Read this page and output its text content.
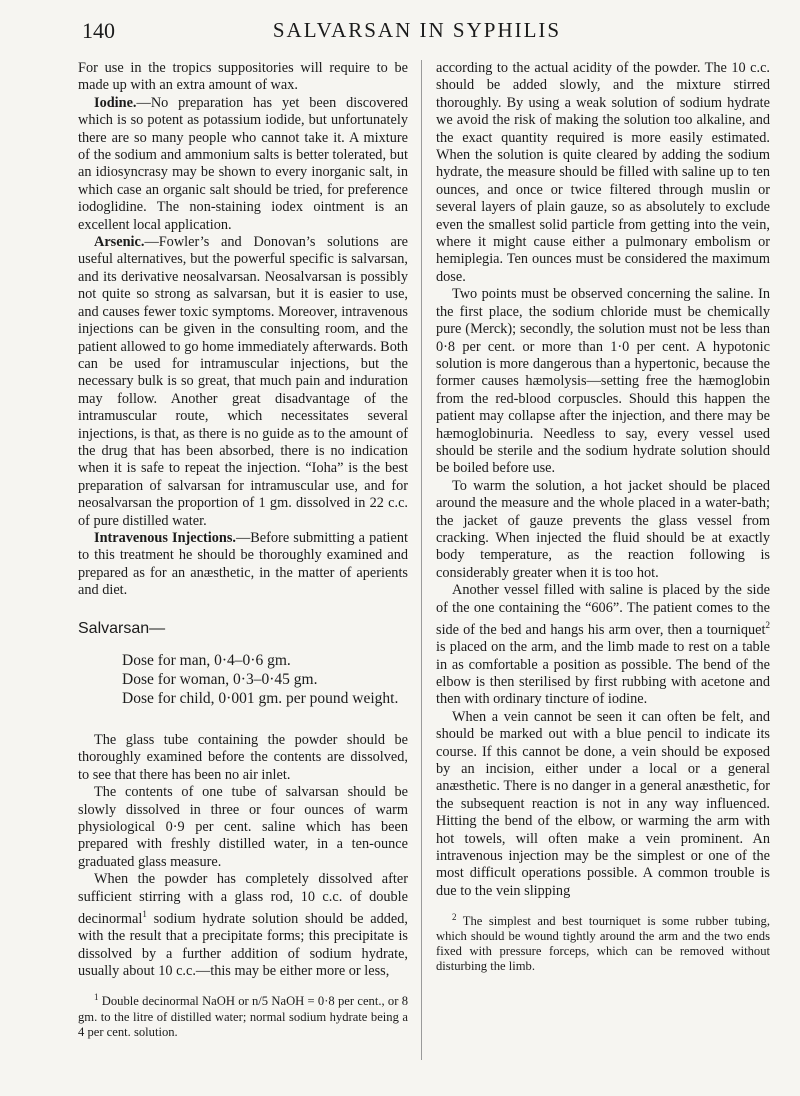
140	SALVARSAN IN SYPHILIS

For use in the tropics suppositories will require to be made up with an extra amount of wax.

Iodine.—No preparation has yet been discovered which is so potent as potassium iodide, but unfortunately there are so many people who cannot take it. A mixture of the sodium and ammonium salts is better tolerated, but an idiosyncrasy may be shown to every inorganic salt, in which case an organic salt should be tried, for preference iodoglidine. The non-staining iodex ointment is an excellent local application.

Arsenic.—Fowler’s and Donovan’s solutions are useful alternatives, but the powerful specific is salvarsan, and its derivative neosalvarsan. Neosalvarsan is possibly not quite so strong as salvarsan, but it is easier to use, and causes fewer toxic symptoms. Moreover, intravenous injections can be given in the consulting room, and the patient allowed to go home immediately afterwards. Both can be used for intramuscular injections, but the necessary bulk is so great, that much pain and induration may follow. Another great disadvantage of the intramuscular route, which necessitates several injections, is that, as there is no guide as to the amount of the drug that has been absorbed, there is no indication when it is safe to repeat the injection. “Ioha” is the best preparation of salvarsan for intramuscular use, and for neosalvarsan the proportion of 1 gm. dissolved in 22 c.c. of pure distilled water.

Intravenous Injections.—Before submitting a patient to this treatment he should be thoroughly examined and prepared as for an anæsthetic, in the matter of aperients and diet.

Salvarsan—
Dose for man, 0·4–0·6 gm.
Dose for woman, 0·3–0·45 gm.
Dose for child, 0·001 gm. per pound weight.

The glass tube containing the powder should be thoroughly examined before the contents are dissolved, to see that there has been no air inlet.

The contents of one tube of salvarsan should be slowly dissolved in three or four ounces of warm physiological 0·9 per cent. saline which has been prepared with freshly distilled water, in a ten-ounce graduated glass measure.

When the powder has completely dissolved after sufficient stirring with a glass rod, 10 c.c. of double decinormal$^1$ sodium hydrate solution should be added, with the result that a precipitate forms; this precipitate is dissolved by a further addition of sodium hydrate, usually about 10 c.c.—this may be either more or less,

$^1$ Double decinormal NaOH or n/5 NaOH = 0·8 per cent., or 8 gm. to the litre of distilled water; normal sodium hydrate being a 4 per cent. solution.

according to the actual acidity of the powder. The 10 c.c. should be added slowly, and the mixture stirred thoroughly. By using a weak solution of sodium hydrate we avoid the risk of making the solution too alkaline, and the exact quantity required is more easily estimated. When the solution is quite cleared by adding the sodium hydrate, the measure should be filled with saline up to ten ounces, and once or twice filtered through muslin or several layers of plain gauze, so as absolutely to exclude even the smallest solid particle from getting into the vein, where it might cause either a pulmonary embolism or hemiplegia. Ten ounces must be considered the maximum dose.

Two points must be observed concerning the saline. In the first place, the sodium chloride must be chemically pure (Merck); secondly, the solution must not be less than 0·8 per cent. or more than 1·0 per cent. A hypotonic solution is more dangerous than a hypertonic, because the former causes hæmolysis—setting free the hæmoglobin from the red-blood corpuscles. Should this happen the patient may collapse after the injection, and there may be hæmoglobinuria. Needless to say, every vessel used should be sterile and the sodium hydrate solution should be boiled before use.

To warm the solution, a hot jacket should be placed around the measure and the whole placed in a water-bath; the jacket of gauze prevents the glass vessel from cracking. When injected the fluid should be at exactly body temperature, as the reaction following is considerably greater when it is too hot.

Another vessel filled with saline is placed by the side of the one containing the “606”. The patient comes to the side of the bed and hangs his arm over, then a tourniquet$^2$ is placed on the arm, and the limb made to rest on a table in as comfortable a position as possible. The bend of the elbow is then sterilised by first rubbing with acetone and then with ordinary tincture of iodine.

When a vein cannot be seen it can often be felt, and should be marked out with a blue pencil to indicate its course. If this cannot be done, a vein should be exposed by an incision, either under a local or a general anæsthetic. There is no danger in a general anæsthetic, for the subsequent reaction is not in any way influenced. Hitting the bend of the elbow, or warming the arm with hot towels, will often make a vein prominent. An intravenous injection may be the simplest or one of the most difficult operations possible. A common trouble is due to the vein slipping

$^2$ The simplest and best tourniquet is some rubber tubing, which should be wound tightly around the arm and the two ends fixed with pressure forceps, which can be removed without disturbing the limb.
